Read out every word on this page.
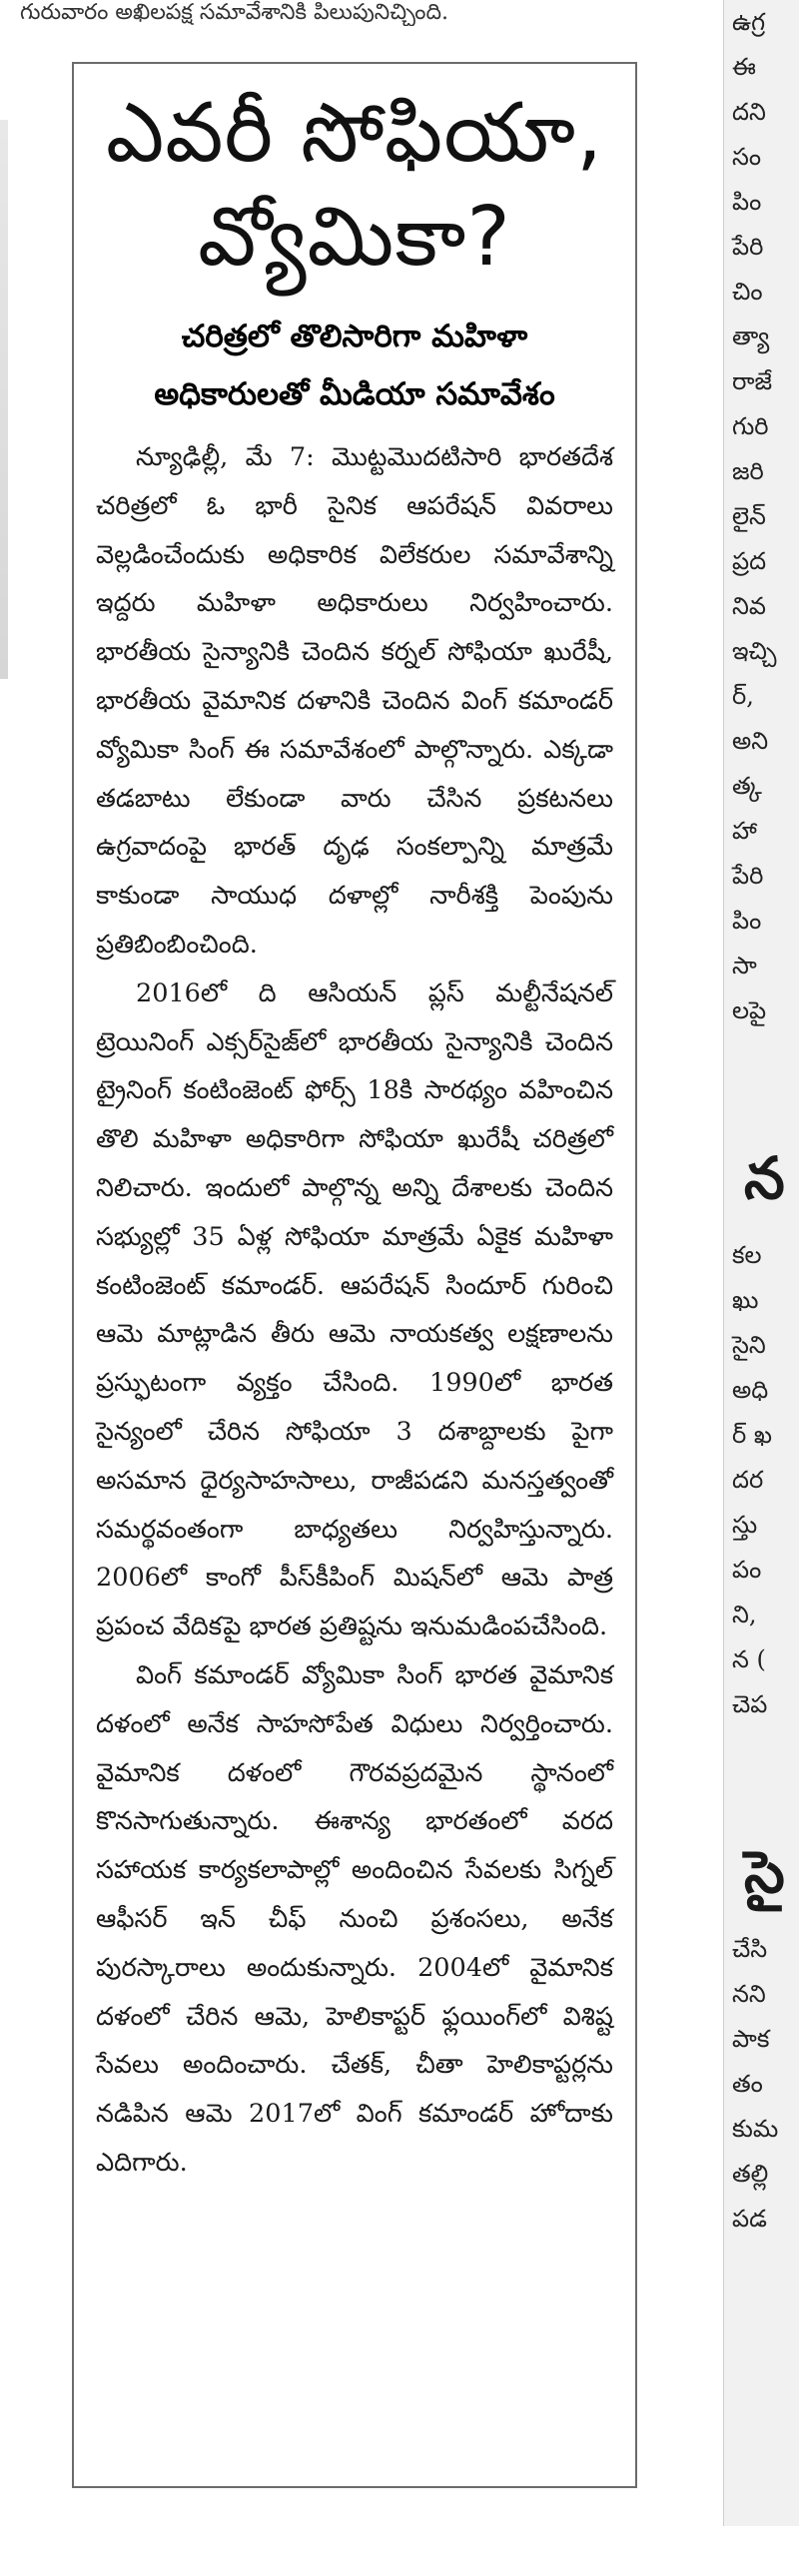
గురువారం అఖిలపక్ష సమావేశానికి పిలుపునిచ్చింది.
ఎవరీ సోఫియా,
వ్యోమికా?
చరిత్రలో తొలిసారిగా మహిళా
అధికారులతో మీడియా సమావేశం

న్యూఢిల్లీ, మే 7: మొట్టమొదటిసారి భారతదేశ చరిత్రలో ఓ భారీ సైనిక ఆపరేషన్ వివరాలు వెల్లడించేందుకు అధికారిక విలేకరుల సమావేశాన్ని ఇద్దరు మహిళా అధికారులు నిర్వహించారు. భారతీయ సైన్యానికి చెందిన కర్నల్ సోఫియా ఖురేషీ, భారతీయ వైమానిక దళానికి చెందిన వింగ్ కమాండర్ వ్యోమికా సింగ్ ఈ సమావేశంలో పాల్గొన్నారు. ఎక్కడా తడబాటు లేకుండా వారు చేసిన ప్రకటనలు ఉగ్రవాదంపై భారత్ దృఢ సంకల్పాన్ని మాత్రమే కాకుండా సాయుధ దళాల్లో నారీశక్తి పెంపును ప్రతిబింబించింది.

2016లో ది ఆసియన్ ప్లస్ మల్టీనేషనల్ ట్రెయినింగ్ ఎక్సర్‌సైజ్‌లో భారతీయ సైన్యానికి చెందిన ట్రైనింగ్ కంటింజెంట్ ఫోర్స్ 18కి సారథ్యం వహించిన తొలి మహిళా అధికారిగా సోఫియా ఖురేషీ చరిత్రలో నిలిచారు. ఇందులో పాల్గొన్న అన్ని దేశాలకు చెందిన సభ్యుల్లో 35 ఏళ్ల సోఫియా మాత్రమే ఏకైక మహిళా కంటింజెంట్ కమాండర్. ఆపరేషన్ సిందూర్ గురించి ఆమె మాట్లాడిన తీరు ఆమె నాయకత్వ లక్షణాలను ప్రస్ఫుటంగా వ్యక్తం చేసింది. 1990లో భారత సైన్యంలో చేరిన సోఫియా 3 దశాబ్దాలకు పైగా అసమాన ధైర్యసాహసాలు, రాజీపడని మనస్తత్వంతో సమర్థవంతంగా బాధ్యతలు నిర్వహిస్తున్నారు. 2006లో కాంగో పీస్‌కీపింగ్ మిషన్‌లో ఆమె పాత్ర ప్రపంచ వేదికపై భారత ప్రతిష్టను ఇనుమడింపచేసింది.

వింగ్ కమాండర్ వ్యోమికా సింగ్ భారత వైమానిక దళంలో అనేక సాహసోపేత విధులు నిర్వర్తించారు. వైమానిక దళంలో గౌరవప్రదమైన స్థానంలో కొనసాగుతున్నారు. ఈశాన్య భారతంలో వరద సహాయక కార్యకలాపాల్లో అందించిన సేవలకు సిగ్నల్ ఆఫీసర్ ఇన్ చీఫ్ నుంచి ప్రశంసలు, అనేక పురస్కారాలు అందుకున్నారు. 2004లో వైమానిక దళంలో చేరిన ఆమె, హెలికాప్టర్ ఫ్లయింగ్‌లో విశిష్ట సేవలు అందించారు. చేతక్, చీతా హెలికాప్టర్లను నడిపిన ఆమె 2017లో వింగ్ కమాండర్ హోదాకు ఎదిగారు.

ఉగ్ర
ఈ
దని
సం
పిం
పేరి
చిం
త్యా
రాజే
గురి
జరి
లైన్
ప్రద
నివ
ఇచ్చి
ర్,
అని
త్క
హా
పేరి
పిం
సా
లపై
న
కల
ఖు
సైని
అధి
ర్ ఖ
దర
స్తు
పం
ని,
న (
చెప
సై
చేసి
నని
పాక
తం
కుమ
తల్లి
పడ
